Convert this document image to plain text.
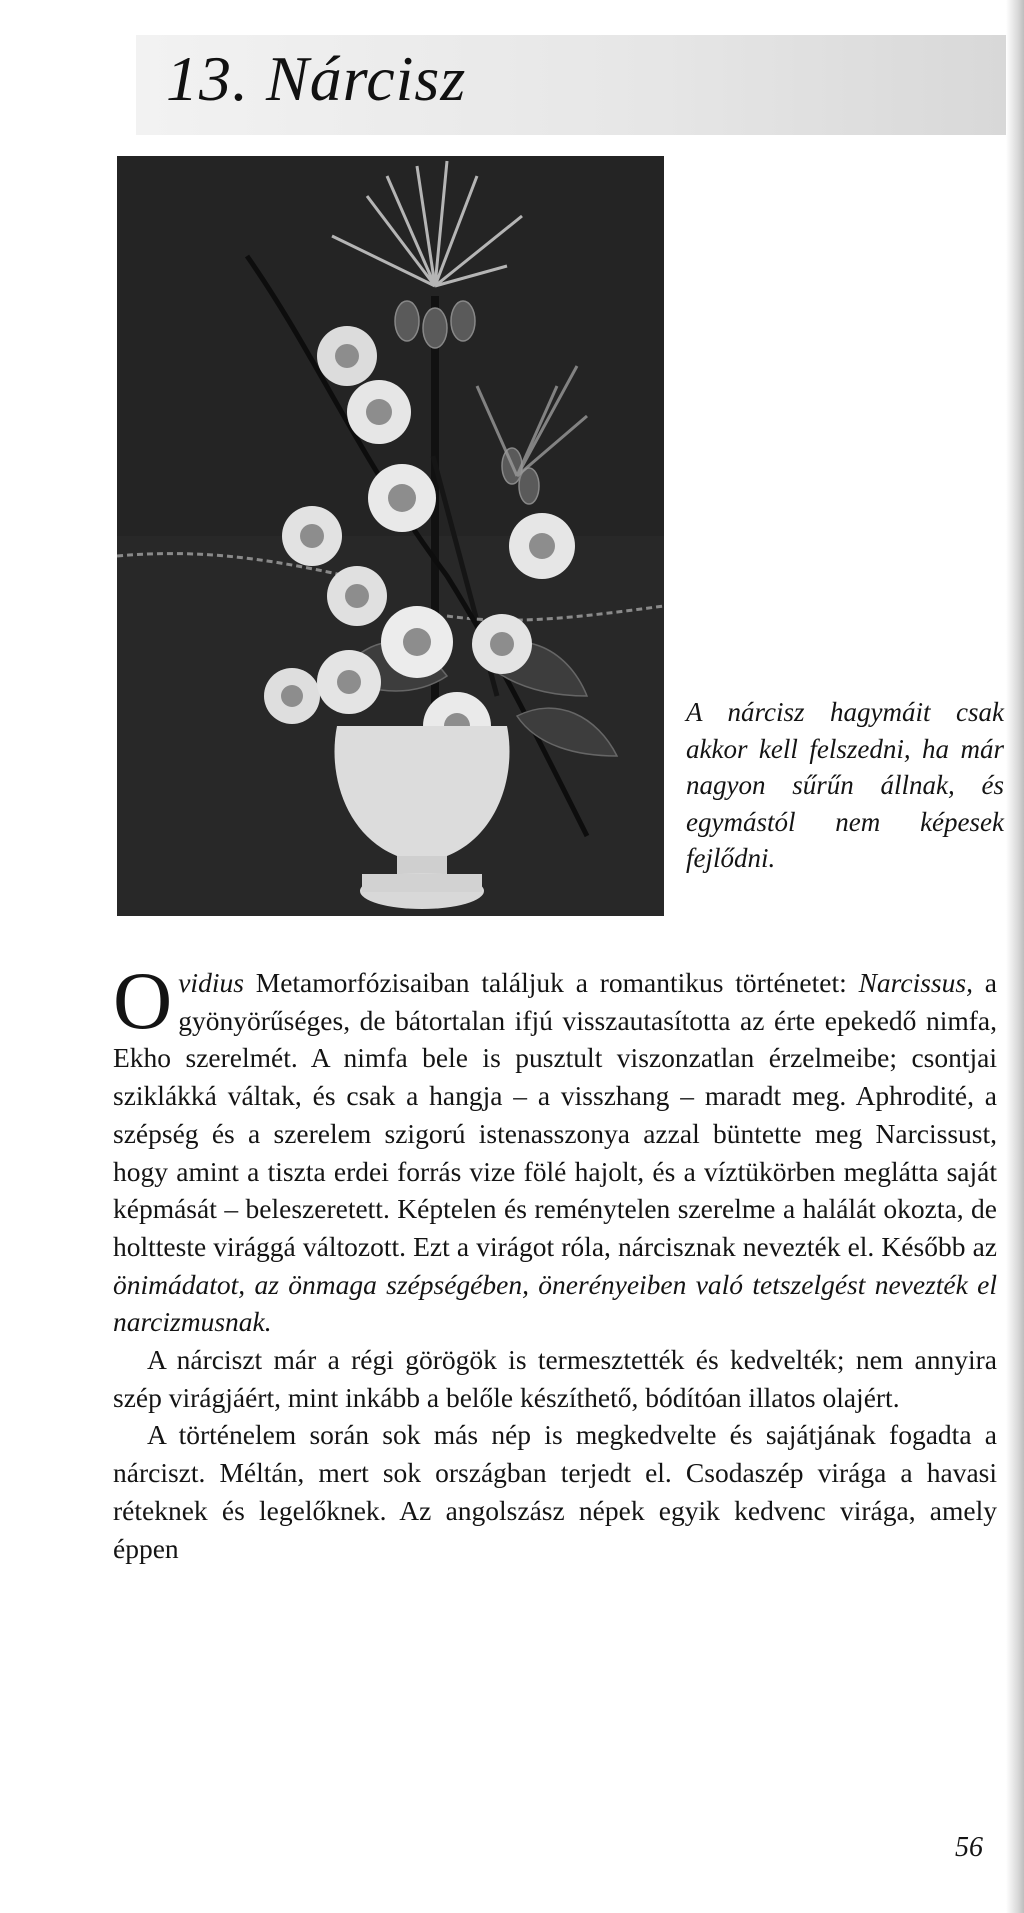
13. Nárcisz

A nárcisz hagymáit csak akkor kell felszedni, ha már nagyon sűrűn állnak, és egymástól nem képesek fejlődni.

Ovidius Metamorfózisaiban találjuk a romantikus történetet: Narcissus, a gyönyörűséges, de bátortalan ifjú visszautasította az érte epekedő nimfa, Ekho szerelmét. A nimfa bele is pusztult viszonzatlan érzelmeibe; csontjai sziklákká váltak, és csak a hangja – a visszhang – maradt meg. Aphrodité, a szépség és a szerelem szigorú istenasszonya azzal büntette meg Narcissust, hogy amint a tiszta erdei forrás vize fölé hajolt, és a víztükörben meglátta saját képmását – beleszeretett. Képtelen és reménytelen szerelme a halálát okozta, de holtteste virággá változott. Ezt a virágot róla, nárcisznak nevezték el. Később az önimádatot, az önmaga szépségében, önerényeiben való tetszelgést nevezték el narcizmusnak.

A nárciszt már a régi görögök is termesztették és kedvelték; nem annyira szép virágjáért, mint inkább a belőle készíthető, bódítóan illatos olajért.

A történelem során sok más nép is megkedvelte és sajátjának fogadta a nárciszt. Méltán, mert sok országban terjedt el. Csodaszép virága a havasi réteknek és legelőknek. Az angolszász népek egyik kedvenc virága, amely éppen

56
